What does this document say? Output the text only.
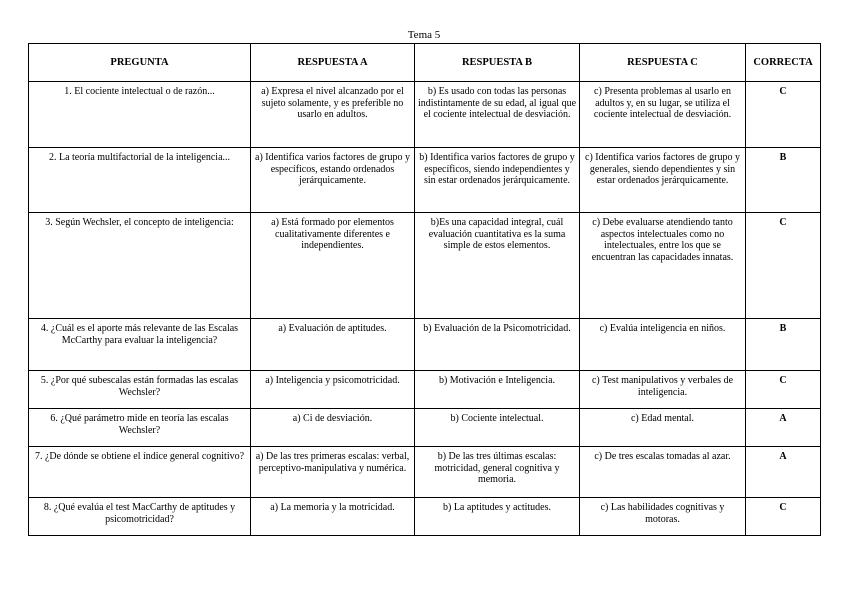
Tema 5
PREGUNTA	RESPUESTA A	RESPUESTA B	RESPUESTA C	CORRECTA
1. El cociente intelectual o de razón...	a) Expresa el nivel alcanzado por el sujeto solamente, y es preferible no usarlo en adultos.	b) Es usado con todas las personas indistintamente de su edad, al igual que el cociente intelectual de desviación.	c) Presenta problemas al usarlo en adultos y, en su lugar, se utiliza el cociente intelectual de desviación.	C
2. La teoría multifactorial de la inteligencia...	a) Identifica varios factores de grupo y específicos, estando ordenados jerárquicamente.	b) Identifica varios factores de grupo y específicos, siendo independientes y sin estar ordenados jerárquicamente.	c) Identifica varios factores de grupo y generales, siendo dependientes y sin estar ordenados jerárquicamente.	B
3. Según Wechsler, el concepto de inteligencia:	a) Está formado por elementos cualitativamente diferentes e independientes.	b)Es una capacidad integral, cuál evaluación cuantitativa es la suma simple de estos elementos.	c) Debe evaluarse atendiendo tanto aspectos intelectuales como no intelectuales, entre los que se encuentran las capacidades innatas.	C
4. ¿Cuál es el aporte más relevante de las Escalas McCarthy para evaluar la inteligencia?	a) Evaluación de aptitudes.	b) Evaluación de la Psicomotricidad.	c) Evalúa inteligencia en niños.	B
5. ¿Por qué subescalas están formadas las escalas Wechsler?	a) Inteligencia y psicomotricidad.	b) Motivación e Inteligencia.	c) Test manipulativos y verbales de inteligencia.	C
6. ¿Qué parámetro mide en teoría las escalas Wechsler?	a) Ci de desviación.	b) Cociente intelectual.	c) Edad mental.	A
7. ¿De dónde se obtiene el índice general cognitivo?	a) De las tres primeras escalas: verbal, perceptivo-manipulativa y numérica.	b) De las tres últimas escalas: motricidad, general cognitiva y memoria.	c) De tres escalas tomadas al azar.	A
8. ¿Qué evalúa el test MacCarthy de aptitudes y psicomotricidad?	a) La memoria y la motricidad.	b) La aptitudes y actitudes.	c) Las habilidades cognitivas y motoras.	C
